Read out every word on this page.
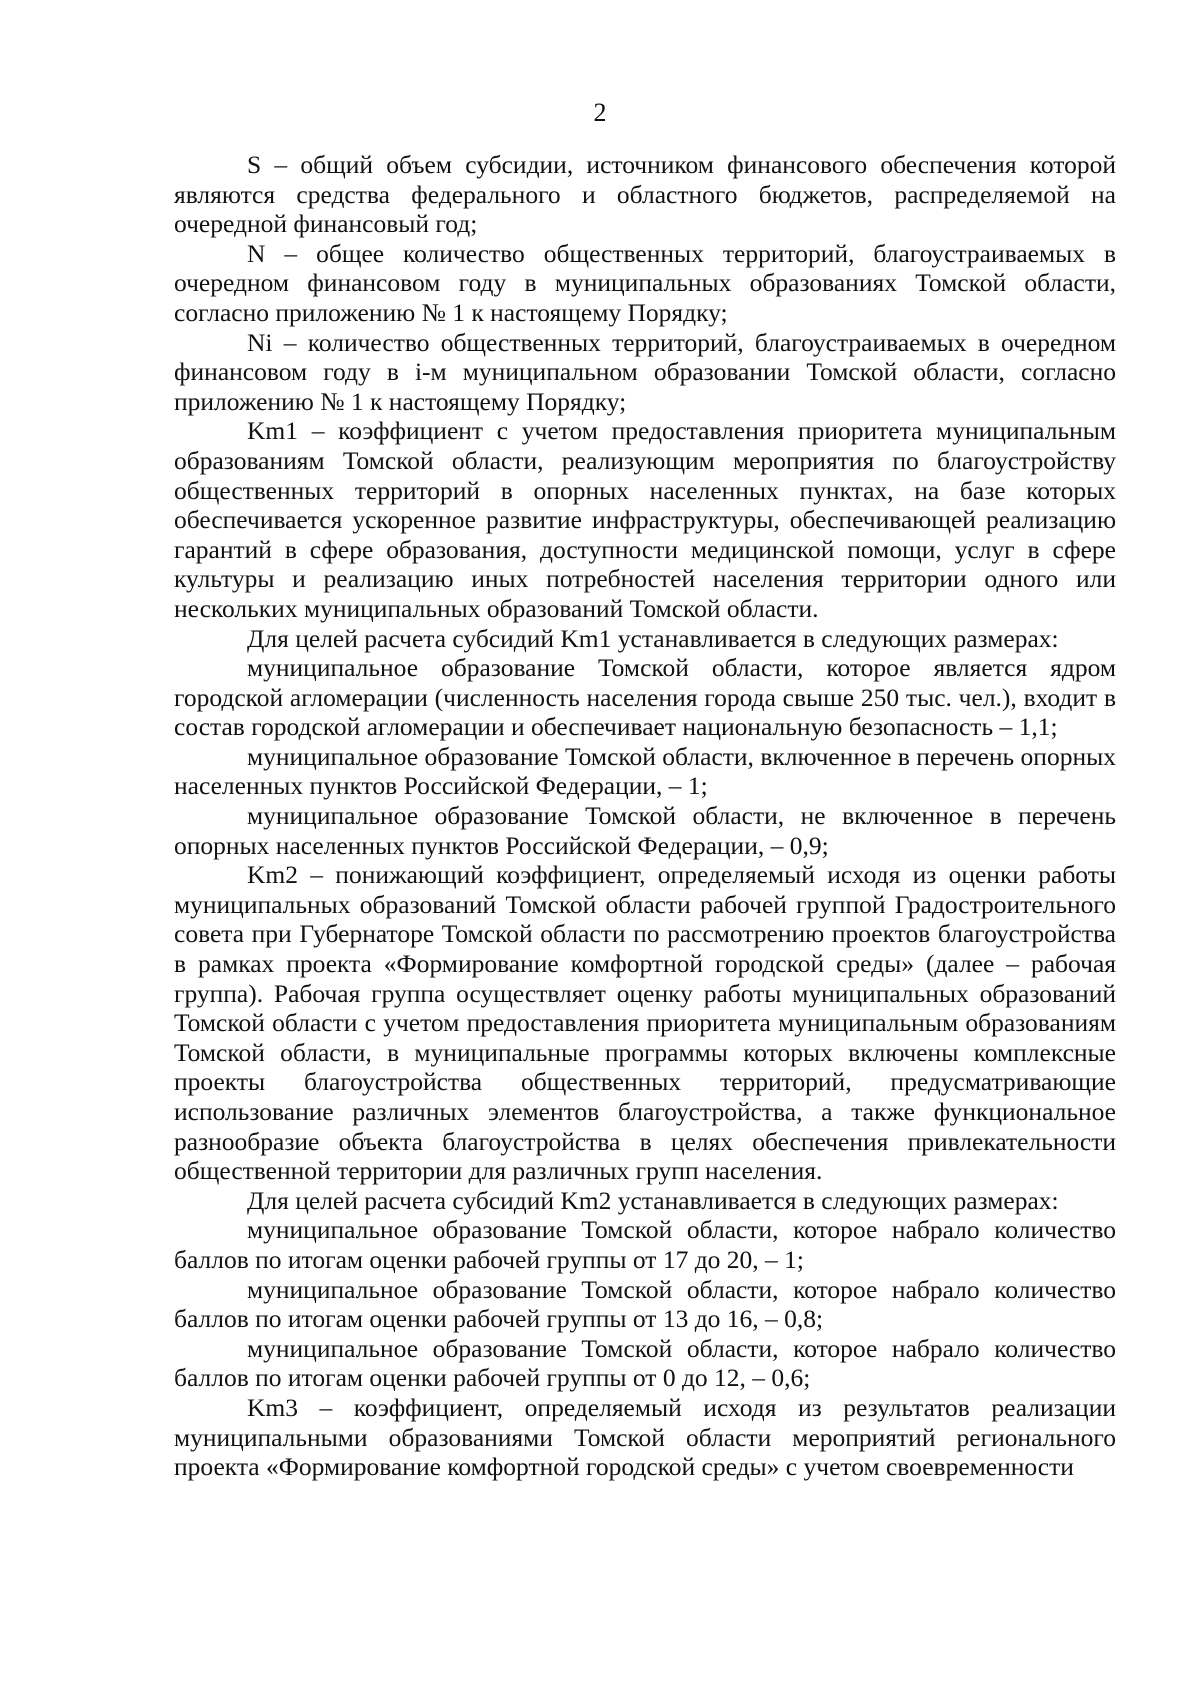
2

S – общий объем субсидии, источником финансового обеспечения которой являются средства федерального и областного бюджетов, распределяемой на очередной финансовый год;

N – общее количество общественных территорий, благоустраиваемых в очередном финансовом году в муниципальных образованиях Томской области, согласно приложению № 1 к настоящему Порядку;

Ni – количество общественных территорий, благоустраиваемых в очередном финансовом году в i-м муниципальном образовании Томской области, согласно приложению № 1 к настоящему Порядку;

Km1 – коэффициент с учетом предоставления приоритета муниципальным образованиям Томской области, реализующим мероприятия по благоустройству общественных территорий в опорных населенных пунктах, на базе которых обеспечивается ускоренное развитие инфраструктуры, обеспечивающей реализацию гарантий в сфере образования, доступности медицинской помощи, услуг в сфере культуры и реализацию иных потребностей населения территории одного или нескольких муниципальных образований Томской области.

Для целей расчета субсидий Km1 устанавливается в следующих размерах:

муниципальное образование Томской области, которое является ядром городской агломерации (численность населения города свыше 250 тыс. чел.), входит в состав городской агломерации и обеспечивает национальную безопасность – 1,1;

муниципальное образование Томской области, включенное в перечень опорных населенных пунктов Российской Федерации, – 1;

муниципальное образование Томской области, не включенное в перечень опорных населенных пунктов Российской Федерации, – 0,9;

Km2 – понижающий коэффициент, определяемый исходя из оценки работы муниципальных образований Томской области рабочей группой Градостроительного совета при Губернаторе Томской области по рассмотрению проектов благоустройства в рамках проекта «Формирование комфортной городской среды» (далее – рабочая группа). Рабочая группа осуществляет оценку работы муниципальных образований Томской области с учетом предоставления приоритета муниципальным образованиям Томской области, в муниципальные программы которых включены комплексные проекты благоустройства общественных территорий, предусматривающие использование различных элементов благоустройства, а также функциональное разнообразие объекта благоустройства в целях обеспечения привлекательности общественной территории для различных групп населения.

Для целей расчета субсидий Km2 устанавливается в следующих размерах:

муниципальное образование Томской области, которое набрало количество баллов по итогам оценки рабочей группы от 17 до 20, – 1;

муниципальное образование Томской области, которое набрало количество баллов по итогам оценки рабочей группы от 13 до 16, – 0,8;

муниципальное образование Томской области, которое набрало количество баллов по итогам оценки рабочей группы от 0 до 12, – 0,6;

Km3 – коэффициент, определяемый исходя из результатов реализации муниципальными образованиями Томской области мероприятий регионального проекта «Формирование комфортной городской среды» с учетом своевременности
